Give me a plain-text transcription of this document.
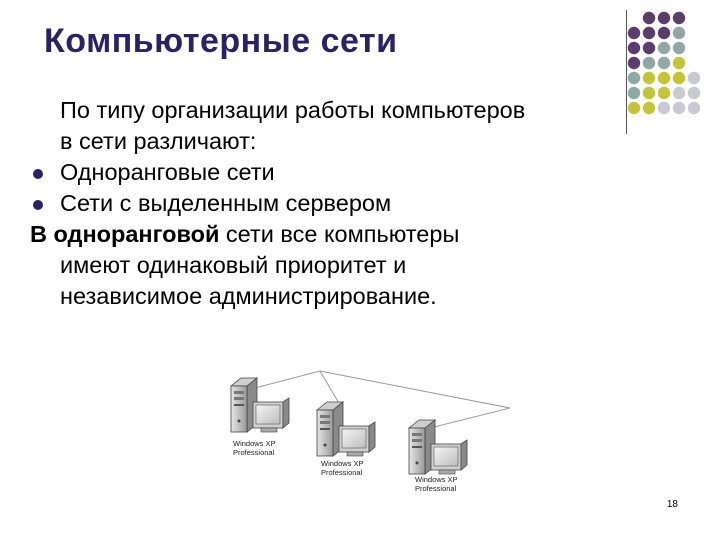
Компьютерные сети
По типу организации работы компьютеров
в сети различают:
Одноранговые сети
Сети с выделенным сервером
В одноранговой сети все компьютеры
имеют одинаковый приоритет и
независимое администрирование.
Windows XP
Professional
Windows XP
Professional
Windows XP
Professional
18
